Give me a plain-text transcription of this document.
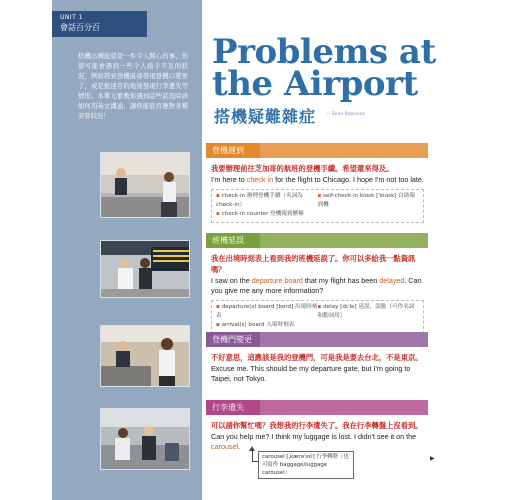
UNIT 1
會話百分百

搭機出國旅遊是一件令人開心的事，但卻可能會遇到一些令人措手不及的狀況，例如趕到登機區卻發現登機口變更了，或是抵達目的地後發現行李遺失等情形。本單元要教你遇到這些狀況時該如何用英文溝通，讓你能從容應對各種突發狀況！

Problems at
the Airport
搭機疑難雜症 — Sean Robinson
登機遲到
我要辦理前往芝加哥的航班的登機手續。希望還來得及。
I'm here to check in for the flight to Chicago. I hope I'm not too late.
▪ check-in 辦理登機手續（名詞為 check-in）
▪ self-check-in kiosk [ˈkiɑsk] 自助報到機
▪ check-in counter 登機報到櫃檯
班機延誤
我在出境時刻表上看到我的班機延誤了。你可以多給我一點資訊嗎？
I saw on the departure board that my flight has been delayed. Can you give me any more information?
▪ departure(s) board [bord] 出境時刻表
▪ delay [dɪˈle] 延誤，誤點（可作名詞和動詞用）
▪ arrival(s) board 入境時刻表
登機門變更
不好意思，這應該是我的登機門，可是我是要去台北，不是東京。
Excuse me. This should be my departure gate, but I'm going to Taipei, not Tokyo.
行李遺失
可以請你幫忙嗎？我想我的行李遺失了。我在行李轉盤上沒看到。
Can you help me? I think my luggage is lost. I didn't see it on the carousel.
carousel [ˌkærəˈsɛl] 行李轉盤（也可寫作 baggage/luggage carousel）
▶
